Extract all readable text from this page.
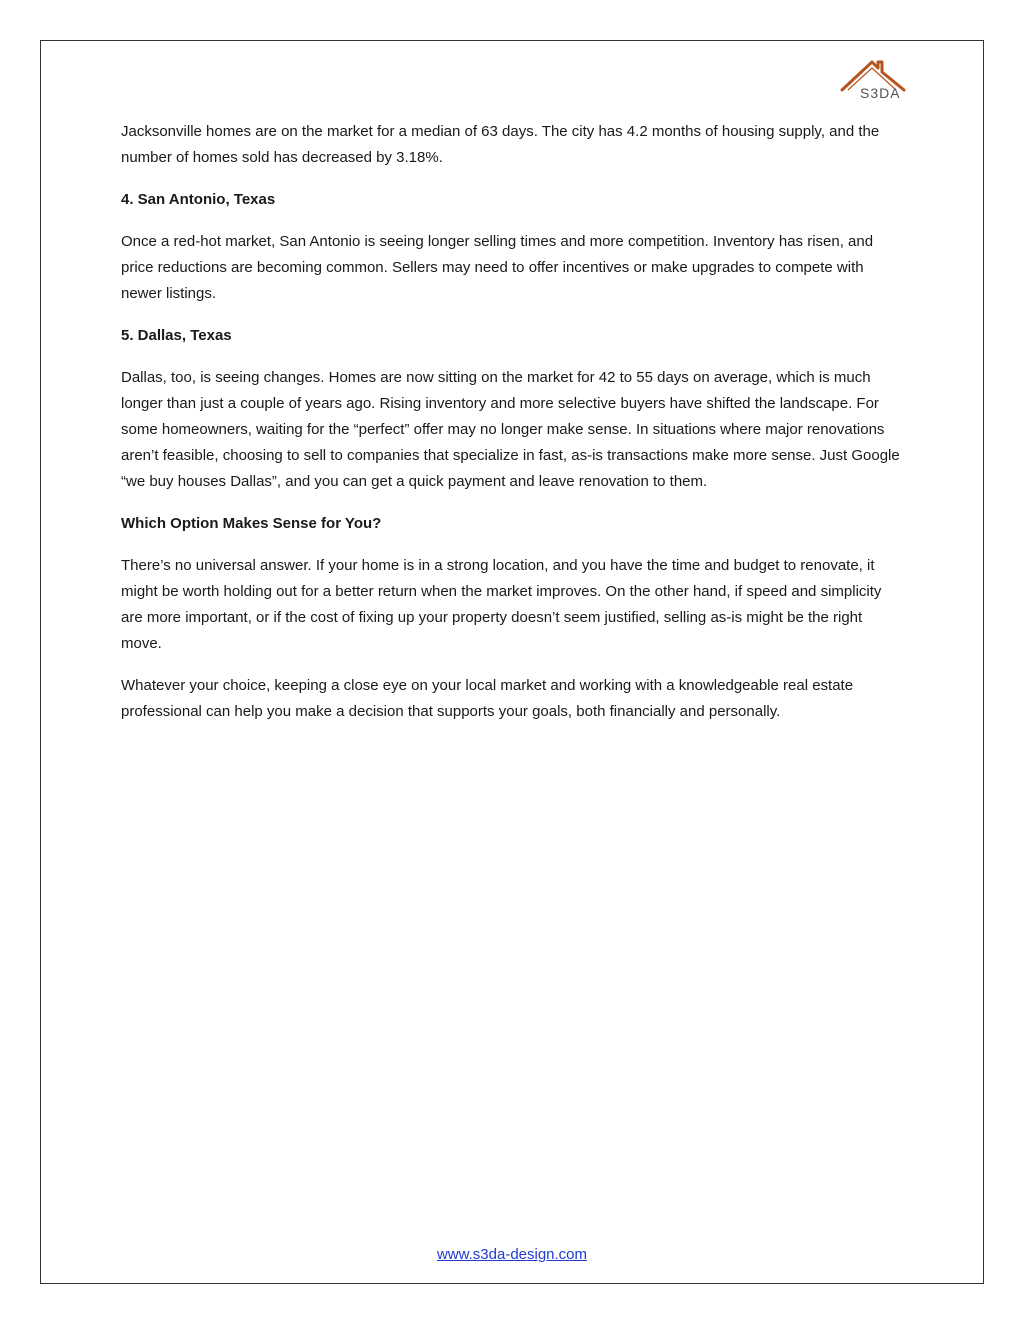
S3DA

Jacksonville homes are on the market for a median of 63 days. The city has 4.2 months of housing supply, and the number of homes sold has decreased by 3.18%.

4. San Antonio, Texas

Once a red-hot market, San Antonio is seeing longer selling times and more competition. Inventory has risen, and price reductions are becoming common. Sellers may need to offer incentives or make upgrades to compete with newer listings.

5. Dallas, Texas

Dallas, too, is seeing changes. Homes are now sitting on the market for 42 to 55 days on average, which is much longer than just a couple of years ago. Rising inventory and more selective buyers have shifted the landscape. For some homeowners, waiting for the “perfect” offer may no longer make sense. In situations where major renovations aren’t feasible, choosing to sell to companies that specialize in fast, as-is transactions make more sense. Just Google “we buy houses Dallas”, and you can get a quick payment and leave renovation to them.

Which Option Makes Sense for You?

There’s no universal answer. If your home is in a strong location, and you have the time and budget to renovate, it might be worth holding out for a better return when the market improves. On the other hand, if speed and simplicity are more important, or if the cost of fixing up your property doesn’t seem justified, selling as-is might be the right move.

Whatever your choice, keeping a close eye on your local market and working with a knowledgeable real estate professional can help you make a decision that supports your goals, both financially and personally.

www.s3da-design.com
